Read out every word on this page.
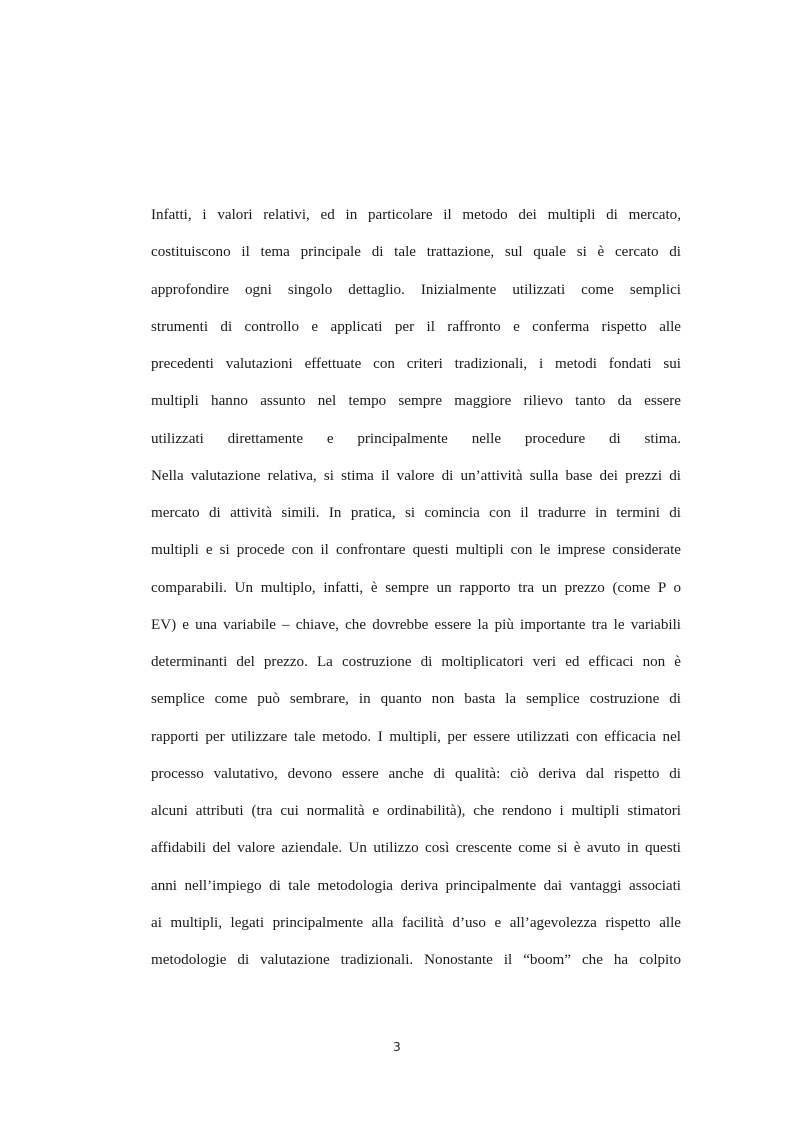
Infatti, i valori relativi, ed in particolare il metodo dei multipli di mercato,
costituiscono il tema principale di tale trattazione, sul quale si è cercato di
approfondire ogni singolo dettaglio. Inizialmente utilizzati come semplici
strumenti di controllo e applicati per il raffronto e conferma rispetto alle
precedenti valutazioni effettuate con criteri tradizionali, i metodi fondati sui
multipli hanno assunto nel tempo sempre maggiore rilievo tanto da essere
utilizzati direttamente e principalmente nelle procedure di stima.
Nella valutazione relativa, si stima il valore di un’attività sulla base dei prezzi di
mercato di attività simili. In pratica, si comincia con il tradurre in termini di
multipli e si procede con il confrontare questi multipli con le imprese considerate
comparabili. Un multiplo, infatti, è sempre un rapporto tra un prezzo (come P o
EV) e una variabile – chiave, che dovrebbe essere la più importante tra le variabili
determinanti del prezzo. La costruzione di moltiplicatori veri ed efficaci non è
semplice come può sembrare, in quanto non basta la semplice costruzione di
rapporti per utilizzare tale metodo. I multipli, per essere utilizzati con efficacia nel
processo valutativo, devono essere anche di qualità: ciò deriva dal rispetto di
alcuni attributi (tra cui normalità e ordinabilità), che rendono i multipli stimatori
affidabili del valore aziendale. Un utilizzo così crescente come si è avuto in questi
anni nell’impiego di tale metodologia deriva principalmente dai vantaggi associati
ai multipli, legati principalmente alla facilità d’uso e all’agevolezza rispetto alle
metodologie di valutazione tradizionali. Nonostante il “boom” che ha colpito
3
